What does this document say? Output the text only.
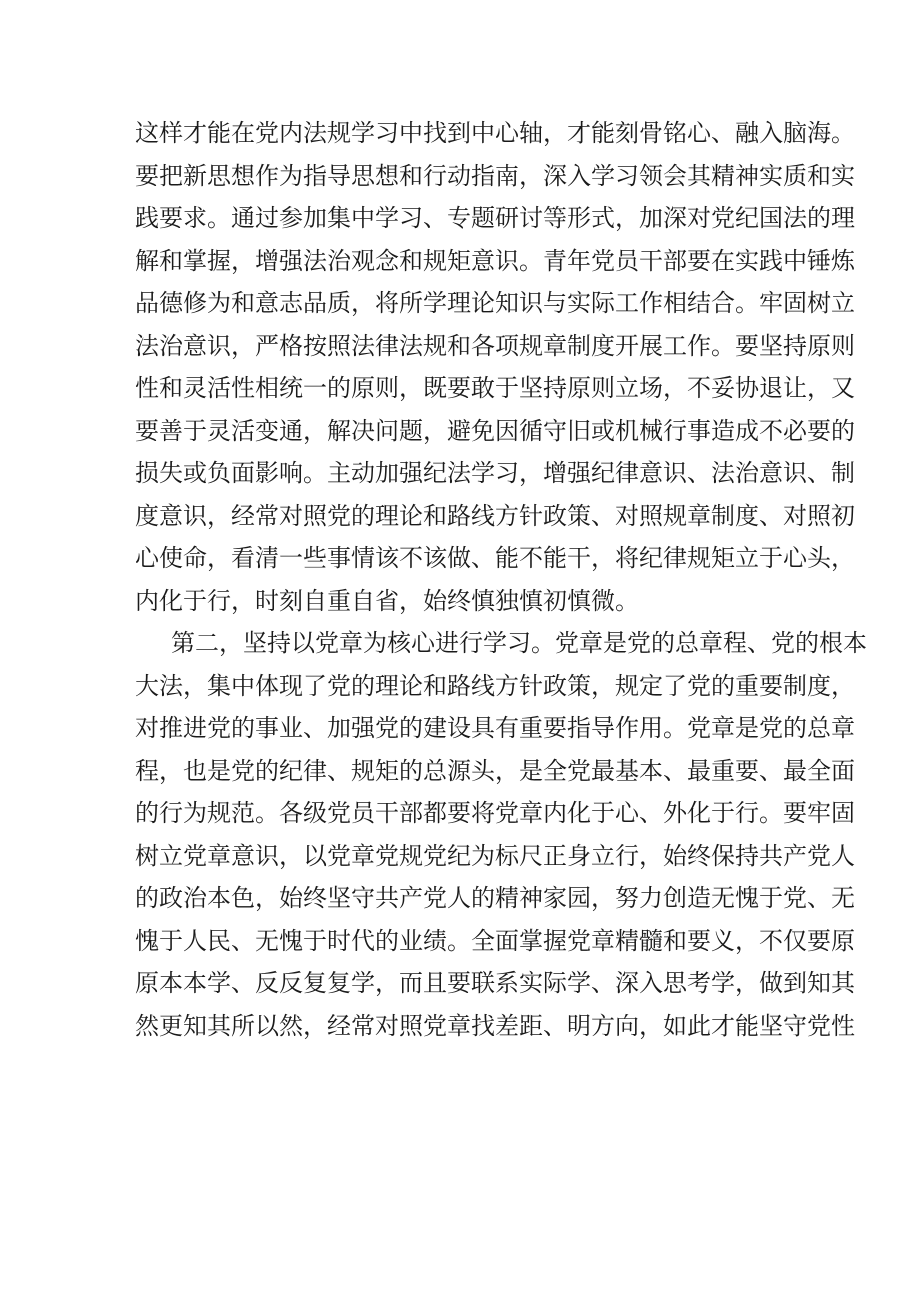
这样才能在党内法规学习中找到中心轴，才能刻骨铭心、融入脑海。
要把新思想作为指导思想和行动指南，深入学习领会其精神实质和实
践要求。通过参加集中学习、专题研讨等形式，加深对党纪国法的理
解和掌握，增强法治观念和规矩意识。青年党员干部要在实践中锤炼
品德修为和意志品质，将所学理论知识与实际工作相结合。牢固树立
法治意识，严格按照法律法规和各项规章制度开展工作。要坚持原则
性和灵活性相统一的原则，既要敢于坚持原则立场，不妥协退让，又
要善于灵活变通，解决问题，避免因循守旧或机械行事造成不必要的
损失或负面影响。主动加强纪法学习，增强纪律意识、法治意识、制
度意识，经常对照党的理论和路线方针政策、对照规章制度、对照初
心使命，看清一些事情该不该做、能不能干，将纪律规矩立于心头，
内化于行，时刻自重自省，始终慎独慎初慎微。
第二，坚持以党章为核心进行学习。党章是党的总章程、党的根本
大法，集中体现了党的理论和路线方针政策，规定了党的重要制度，
对推进党的事业、加强党的建设具有重要指导作用。党章是党的总章
程，也是党的纪律、规矩的总源头，是全党最基本、最重要、最全面
的行为规范。各级党员干部都要将党章内化于心、外化于行。要牢固
树立党章意识，以党章党规党纪为标尺正身立行，始终保持共产党人
的政治本色，始终坚守共产党人的精神家园，努力创造无愧于党、无
愧于人民、无愧于时代的业绩。全面掌握党章精髓和要义，不仅要原
原本本学、反反复复学，而且要联系实际学、深入思考学，做到知其
然更知其所以然，经常对照党章找差距、明方向，如此才能坚守党性
